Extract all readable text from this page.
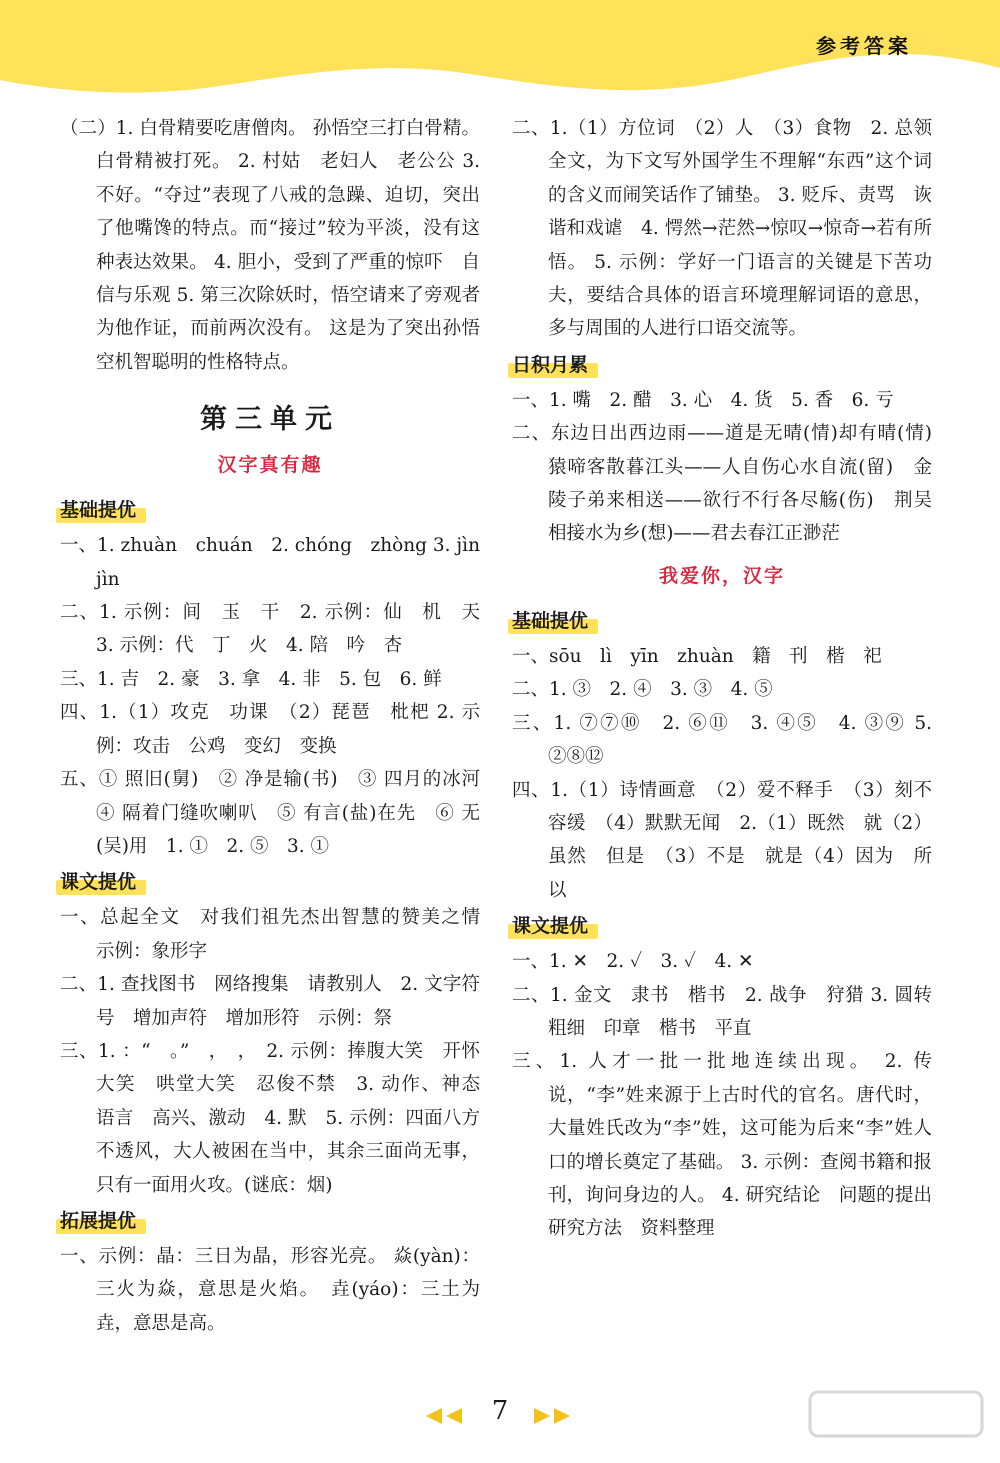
参考答案

（二）1. 白骨精要吃唐僧肉。 孙悟空三打白骨精。 白骨精被打死。 2. 村姑　老妇人　老公公 3. 不好。“夺过”表现了八戒的急躁、迫切，突出了他嘴馋的特点。而“接过”较为平淡，没有这种表达效果。 4. 胆小，受到了严重的惊吓　自信与乐观 5. 第三次除妖时，悟空请来了旁观者为他作证，而前两次没有。 这是为了突出孙悟空机智聪明的性格特点。

第三单元
汉字真有趣
基础提优

一、1. zhuàn　chuán　2. chóng　zhòng 3. jìn　jìn

二、1. 示例：间　玉　干　2. 示例：仙　机　天 3. 示例：代　丁　火　4. 陪　吟　杏

三、1. 吉　2. 豪　3. 拿　4. 非　5. 包　6. 鲜

四、1.（1）攻克　功课　（2）琵琶　枇杷 2. 示例：攻击　公鸡　变幻　变换

五、① 照旧(舅)　② 净是输(书)　③ 四月的冰河　④ 隔着门缝吹喇叭　⑤ 有言(盐)在先　⑥ 无(吴)用　1. ①　2. ⑤　3. ①

课文提优

一、总起全文　对我们祖先杰出智慧的赞美之情　示例：象形字

二、1. 查找图书　网络搜集　请教别人　2. 文字符号　增加声符　增加形符　示例：祭

三、1. ：“　。”　，　，　2. 示例：捧腹大笑　开怀大笑　哄堂大笑　忍俊不禁　3. 动作、神态　语言　高兴、激动　4. 默　5. 示例：四面八方不透风，大人被困在当中，其余三面尚无事，只有一面用火攻。(谜底：烟)

拓展提优

一、示例：晶：三日为晶，形容光亮。 焱(yàn)：三火为焱，意思是火焰。　垚(yáo)：三土为垚，意思是高。

二、1.（1）方位词　（2）人　（3）食物　2. 总领全文，为下文写外国学生不理解“东西”这个词的含义而闹笑话作了铺垫。 3. 贬斥、责骂　诙谐和戏谑　4. 愕然→茫然→惊叹→惊奇→若有所悟。 5. 示例：学好一门语言的关键是下苦功夫，要结合具体的语言环境理解词语的意思，多与周围的人进行口语交流等。

日积月累

一、1. 嘴　2. 醋　3. 心　4. 货　5. 香　6. 亏

二、东边日出西边雨——道是无晴(情)却有晴(情)　猿啼客散暮江头——人自伤心水自流(留)　金陵子弟来相送——欲行不行各尽觞(伤)　荆吴相接水为乡(想)——君去春江正渺茫

我爱你，汉字
基础提优

一、sōu　lì　yīn　zhuàn　籍　刊　楷　祀

二、1. ③　2. ④　3. ③　4. ⑤

三、1. ⑦⑦⑩　2. ⑥⑪　3. ④⑤　4. ③⑨ 5. ②⑧⑫

四、1.（1）诗情画意　（2）爱不释手　（3）刻不容缓　（4）默默无闻　2.（1）既然　就（2）虽然　但是　（3）不是　就是（4）因为　所以

课文提优

一、1. ✕　2. ✓　3. ✓　4. ✕

二、1. 金文　隶书　楷书　2. 战争　狩猎 3. 圆转　粗细　印章　楷书　平直

三、1. 人才一批一批地连续出现。 2. 传说，“李”姓来源于上古时代的官名。唐代时，大量姓氏改为“李”姓，这可能为后来“李”姓人口的增长奠定了基础。 3. 示例：查阅书籍和报刊，询问身边的人。 4. 研究结论　问题的提出　研究方法　资料整理

7
